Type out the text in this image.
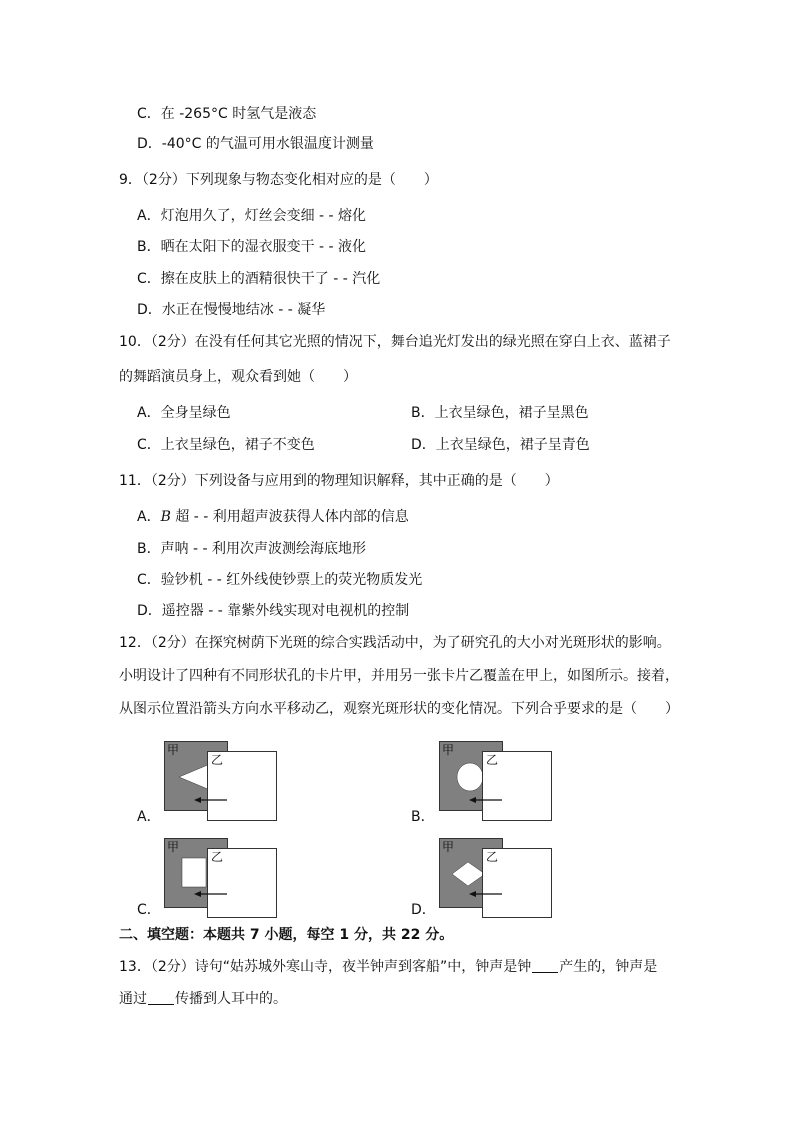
C．在 -265°C 时氢气是液态
D．-40°C 的气温可用水银温度计测量
9．（2分）下列现象与物态变化相对应的是（　　）
A．灯泡用久了，灯丝会变细 - - 熔化
B．晒在太阳下的湿衣服变干 - - 液化
C．擦在皮肤上的酒精很快干了 - - 汽化
D．水正在慢慢地结冰 - - 凝华
10．（2分）在没有任何其它光照的情况下，舞台追光灯发出的绿光照在穿白上衣、蓝裙子
的舞蹈演员身上，观众看到她（　　）
A．全身呈绿色	B．上衣呈绿色，裙子呈黑色
C．上衣呈绿色，裙子不变色	D．上衣呈绿色，裙子呈青色
11．（2分）下列设备与应用到的物理知识解释，其中正确的是（　　）
A．B 超 - - 利用超声波获得人体内部的信息
B．声呐 - - 利用次声波测绘海底地形
C．验钞机 - - 红外线使钞票上的荧光物质发光
D．遥控器 - - 靠紫外线实现对电视机的控制
12．（2分）在探究树荫下光斑的综合实践活动中，为了研究孔的大小对光斑形状的影响。
小明设计了四种有不同形状孔的卡片甲，并用另一张卡片乙覆盖在甲上，如图所示。接着，
从图示位置沿箭头方向水平移动乙，观察光斑形状的变化情况。下列合乎要求的是（　　）
甲
乙
A．
甲
乙
B．
甲
乙
C．
甲
乙
D．
二、填空题：本题共 7 小题，每空 1 分，共 22 分。
13．（2分）诗句“姑苏城外寒山寺，夜半钟声到客船”中，钟声是钟 产生的，钟声是
通过 传播到人耳中的。
